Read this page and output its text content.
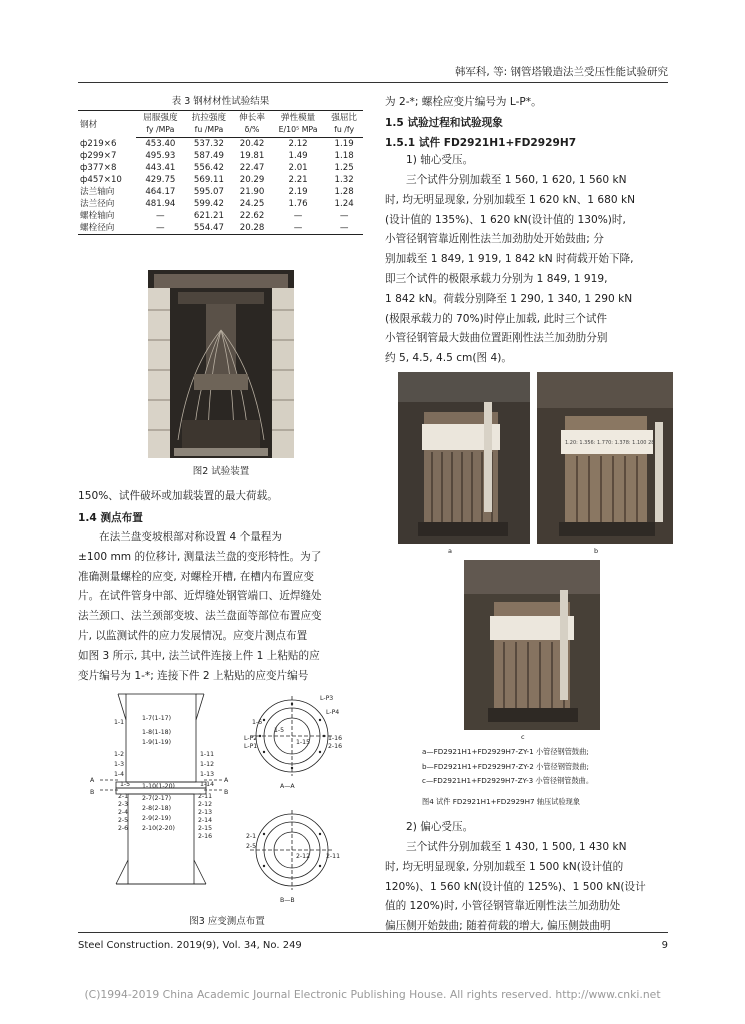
韩军科, 等: 钢管塔锻造法兰受压性能试验研究
表 3 钢材材性试验结果
钢材	屈服强度	抗拉强度	伸长率	弹性模量	强屈比
	fy /MPa	fu /MPa	δ/%	E/10⁵ MPa	fu /fy
ф219×6	453.40	537.32	20.42	2.12	1.19
ф299×7	495.93	587.49	19.81	1.49	1.18
ф377×8	443.41	556.42	22.47	2.01	1.25
ф457×10	429.75	569.11	20.29	2.21	1.32
法兰轴向	464.17	595.07	21.90	2.19	1.28
法兰径向	481.94	599.42	24.25	1.76	1.24
螺栓轴向	—	621.21	22.62	—	—
螺栓径向	—	554.47	20.28	—	—
图2 试验装置
150%、试件破坏或加载装置的最大荷载。
1.4 测点布置
在法兰盘变坡根部对称设置 4 个量程为
±100 mm 的位移计, 测量法兰盘的变形特性。为了
准确测量螺栓的应变, 对螺栓开槽, 在槽内布置应变
片。在试件管身中部、近焊缝处钢管端口、近焊缝处
法兰颈口、法兰颈部变坡、法兰盘面等部位布置应变
片, 以监测试件的应力发展情况。应变片测点布置
如图 3 所示, 其中, 法兰试件连接上件 1 上粘贴的应
变片编号为 1-*; 连接下件 2 上粘贴的应变片编号
1-7(1-17)
1-8(1-18)
1-9(1-19)
1-10(1-20)
1-1
1-2
1-3
1-4
1-5
1-11
1-12
1-13
1-14
2-1
2-3
2-4
2-5
2-6
2-7(2-17)
2-8(2-18)
2-9(2-19)
2-10(2-20)
2-11
2-12
2-13
2-14
2-15
2-16
A	A
B	B
L-P3
L-P4
1-6
1-5
L-P2
L-P1
1-15
1-16
2-16
A—A
2-1
2-5
2-12	2-11
B—B
图3 应变测点布置
为 2-*; 螺栓应变片编号为 L-P*。
1.5 试验过程和试验现象
1.5.1 试件 FD2921H1+FD2929H7
1) 轴心受压。
三个试件分别加载至 1 560, 1 620, 1 560 kN
时, 均无明显现象, 分别加载至 1 620 kN、1 680 kN
(设计值的 135%)、1 620 kN(设计值的 130%)时,
小管径钢管靠近刚性法兰加劲肋处开始鼓曲; 分
别加载至 1 849, 1 919, 1 842 kN 时荷载开始下降,
即三个试件的极限承载力分别为 1 849, 1 919,
1 842 kN。荷载分别降至 1 290, 1 340, 1 290 kN
(极限承载力的 70%)时停止加载, 此时三个试件
小管径钢管最大鼓曲位置距刚性法兰加劲肋分别
约 5, 4.5, 4.5 cm(图 4)。
a
1.20: 1.356: 1.770: 1.378: 1.100 28
b
c
a—FD2921H1+FD2929H7-ZY-1 小管径钢管鼓曲;
b—FD2921H1+FD2929H7-ZY-2 小管径钢管鼓曲;
c—FD2921H1+FD2929H7-ZY-3 小管径钢管鼓曲。
图4 试件 FD2921H1+FD2929H7 轴压试验现象
2) 偏心受压。
三个试件分别加载至 1 430, 1 500, 1 430 kN
时, 均无明显现象, 分别加载至 1 500 kN(设计值的
120%)、1 560 kN(设计值的 125%)、1 500 kN(设计
值的 120%)时, 小管径钢管靠近刚性法兰加劲肋处
偏压侧开始鼓曲; 随着荷载的增大, 偏压侧鼓曲明
Steel Construction. 2019(9), Vol. 34, No. 249	9
(C)1994-2019 China Academic Journal Electronic Publishing House. All rights reserved. http://www.cnki.net
